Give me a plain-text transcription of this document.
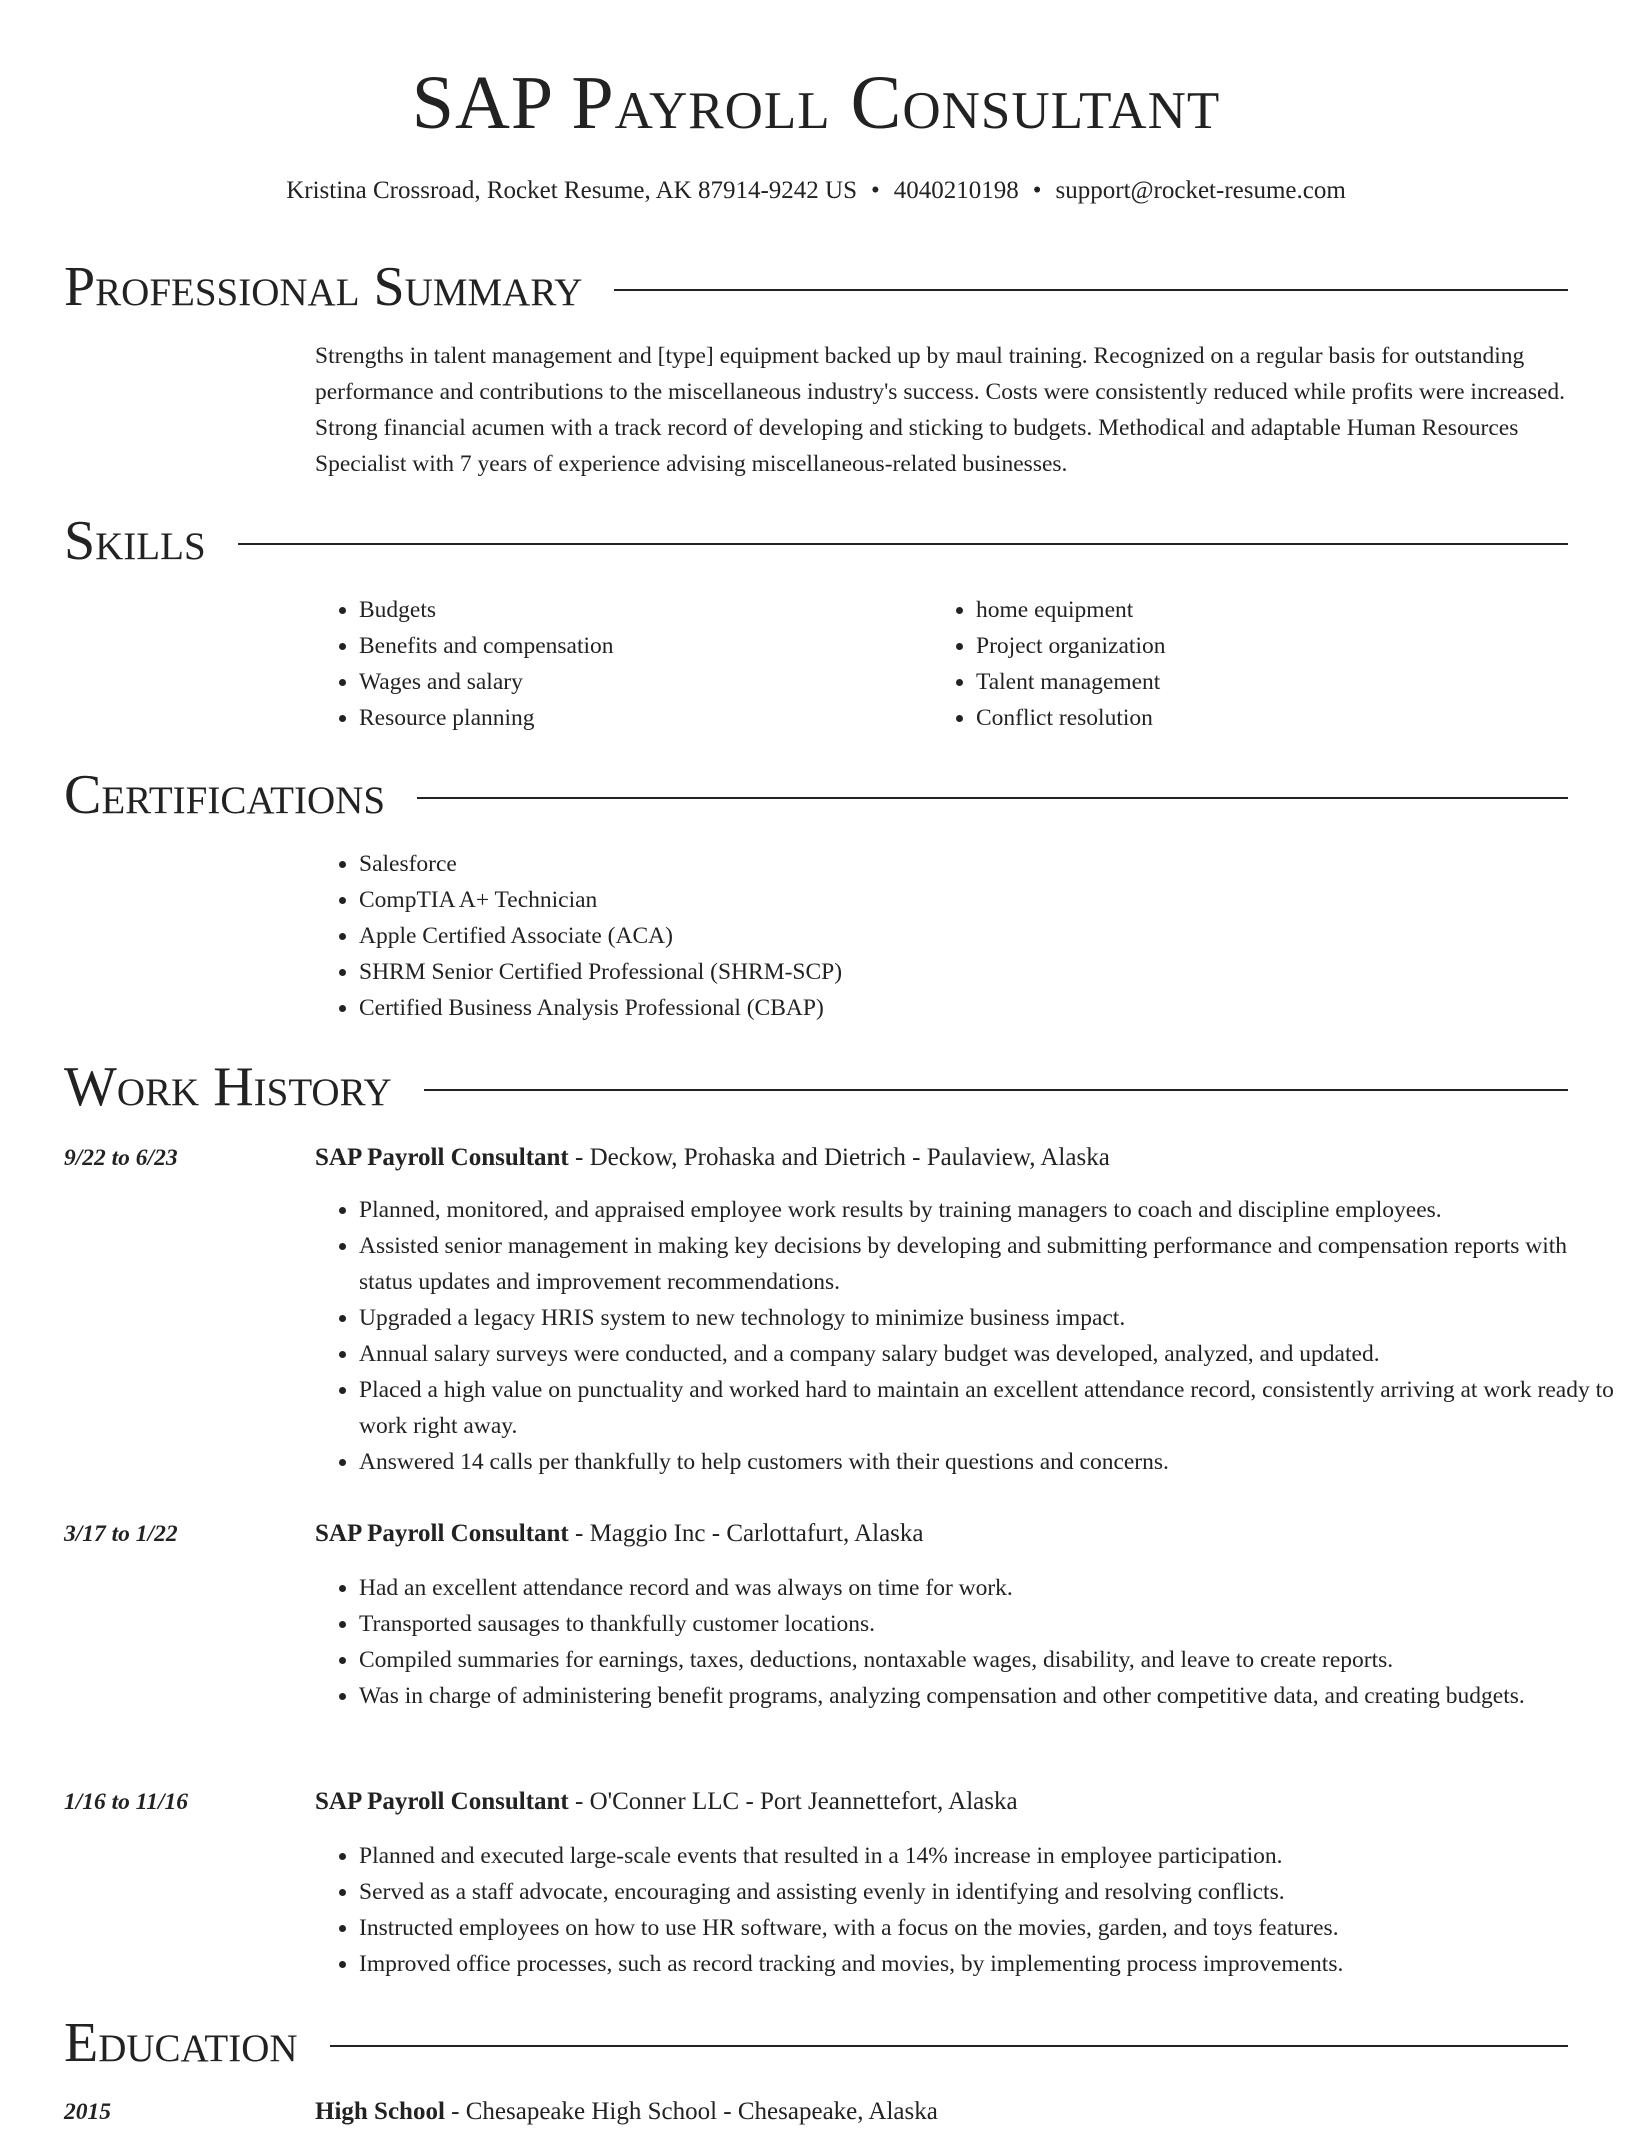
SAP Payroll Consultant
Kristina Crossroad, Rocket Resume, AK 87914-9242 US • 4040210198 • support@rocket-resume.com
Professional Summary

Strengths in talent management and [type] equipment backed up by maul training. Recognized on a regular basis for outstanding performance and contributions to the miscellaneous industry's success. Costs were consistently reduced while profits were increased. Strong financial acumen with a track record of developing and sticking to budgets. Methodical and adaptable Human Resources Specialist with 7 years of experience advising miscellaneous-related businesses.

Skills
• Budgets
• Benefits and compensation
• Wages and salary
• Resource planning
• home equipment
• Project organization
• Talent management
• Conflict resolution
Certifications
• Salesforce
• CompTIA A+ Technician
• Apple Certified Associate (ACA)
• SHRM Senior Certified Professional (SHRM-SCP)
• Certified Business Analysis Professional (CBAP)
Work History
9/22 to 6/23	SAP Payroll Consultant - Deckow, Prohaska and Dietrich - Paulaview, Alaska
• Planned, monitored, and appraised employee work results by training managers to coach and discipline employees.
• Assisted senior management in making key decisions by developing and submitting performance and compensation reports with status updates and improvement recommendations.
• Upgraded a legacy HRIS system to new technology to minimize business impact.
• Annual salary surveys were conducted, and a company salary budget was developed, analyzed, and updated.
• Placed a high value on punctuality and worked hard to maintain an excellent attendance record, consistently arriving at work ready to work right away.
• Answered 14 calls per thankfully to help customers with their questions and concerns.
3/17 to 1/22	SAP Payroll Consultant - Maggio Inc - Carlottafurt, Alaska
• Had an excellent attendance record and was always on time for work.
• Transported sausages to thankfully customer locations.
• Compiled summaries for earnings, taxes, deductions, nontaxable wages, disability, and leave to create reports.
• Was in charge of administering benefit programs, analyzing compensation and other competitive data, and creating budgets.
1/16 to 11/16	SAP Payroll Consultant - O'Conner LLC - Port Jeannettefort, Alaska
• Planned and executed large-scale events that resulted in a 14% increase in employee participation.
• Served as a staff advocate, encouraging and assisting evenly in identifying and resolving conflicts.
• Instructed employees on how to use HR software, with a focus on the movies, garden, and toys features.
• Improved office processes, such as record tracking and movies, by implementing process improvements.
Education
2015	High School - Chesapeake High School - Chesapeake, Alaska
